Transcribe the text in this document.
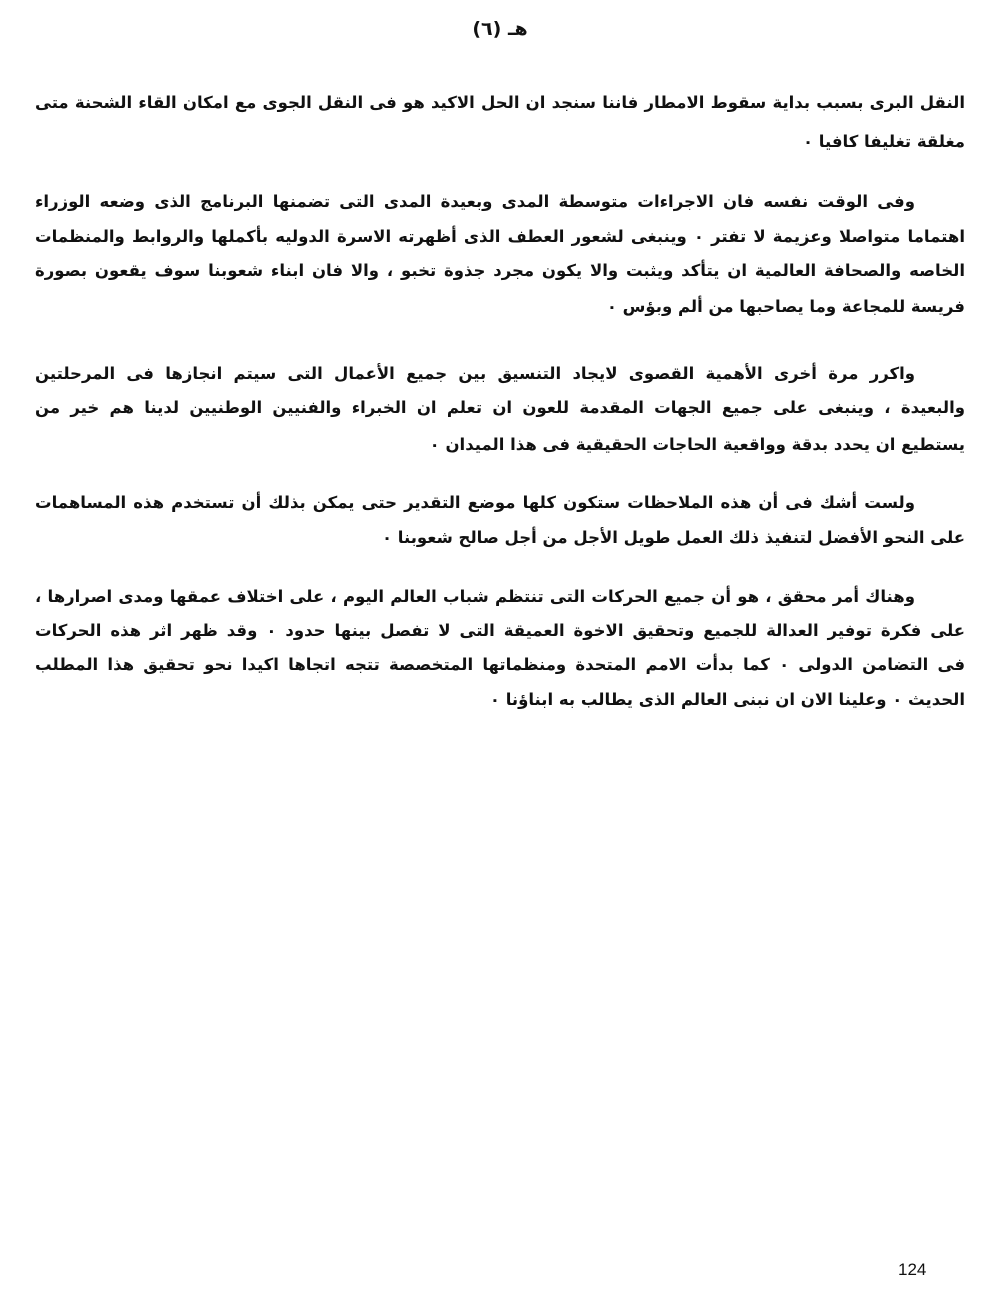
هـ (٦)
النقل البرى بسبب بداية سقوط الامطار فاننا سنجد ان الحل الاكيد هو فى النقل الجوى مع امكان القاء الشحنة متى
مغلقة تغليفا كافيا ٠
وفى الوقت نفسه فان الاجراءات متوسطة المدى وبعيدة المدى التى تضمنها البرنامج الذى وضعه الوزراء
اهتماما متواصلا وعزيمة لا تفتر ٠ وينبغى لشعور العطف الذى أظهرته الاسرة الدوليه بأكملها والروابط والمنظمات
الخاصه والصحافة العالمية ان يتأكد ويثبت والا يكون مجرد جذوة تخبو ، والا فان ابناء شعوبنا سوف يقعون بصورة
فريسة للمجاعة وما يصاحبها من ألم وبؤس ٠
واكرر مرة أخرى الأهمية القصوى لايجاد التنسيق بين جميع الأعمال التى سيتم انجازها فى المرحلتين
والبعيدة ، وينبغى على جميع الجهات المقدمة للعون ان تعلم ان الخبراء والفنيين الوطنيين لدينا هم خير من
يستطيع ان يحدد بدقة وواقعية الحاجات الحقيقية فى هذا الميدان ٠
ولست أشك فى أن هذه الملاحظات ستكون كلها موضع التقدير حتى يمكن بذلك أن تستخدم هذه المساهمات
على النحو الأفضل لتنفيذ ذلك العمل طويل الأجل من أجل صالح شعوبنا ٠
وهناك أمر محقق ، هو أن جميع الحركات التى تنتظم شباب العالم اليوم ، على اختلاف عمقها ومدى اصرارها ،
على فكرة توفير العدالة للجميع وتحقيق الاخوة العميقة التى لا تفصل بينها حدود ٠ وقد ظهر اثر هذه الحركات
فى التضامن الدولى ٠ كما بدأت الامم المتحدة ومنظماتها المتخصصة تتجه اتجاها اكيدا نحو تحقيق هذا المطلب
الحديث ٠ وعلينا الان ان نبنى العالم الذى يطالب به ابناؤنا ٠
124
